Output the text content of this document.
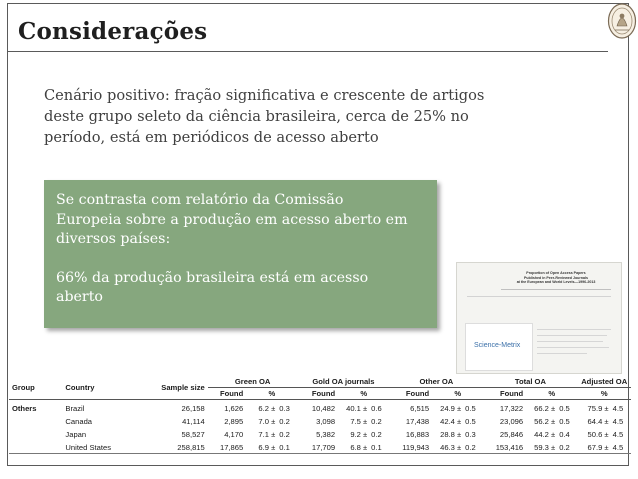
Considerações
Cenário positivo: fração significativa e crescente de artigos
deste grupo seleto da ciência brasileira, cerca de 25% no
período, está em periódicos de acesso aberto

Se contrasta com relatório da Comissão
Europeia sobre a produção em acesso aberto em
diversos países:

66% da produção brasileira está em acesso
aberto

Proportion of Open Access Papers
Published in Peer-Reviewed Journals
at the European and World Levels—1996-2013
Science-Metrix
Group	Country	Sample size	Green OA			Gold OA journals			Other OA			Total OA			Adjusted OA	
			Found	%		Found	%		Found	%		Found	%		%	
Others	Brazil	26,158	1,626	6.2 ±	0.3	10,482	40.1 ±	0.6	6,515	24.9 ±	0.5	17,322	66.2 ±	0.5	75.9 ±	4.5
	Canada	41,114	2,895	7.0 ±	0.2	3,098	7.5 ±	0.2	17,438	42.4 ±	0.5	23,096	56.2 ±	0.5	64.4 ±	4.5
	Japan	58,527	4,170	7.1 ±	0.2	5,382	9.2 ±	0.2	16,883	28.8 ±	0.3	25,846	44.2 ±	0.4	50.6 ±	4.5
	United States	258,815	17,865	6.9 ±	0.1	17,709	6.8 ±	0.1	119,943	46.3 ±	0.2	153,416	59.3 ±	0.2	67.9 ±	4.5
